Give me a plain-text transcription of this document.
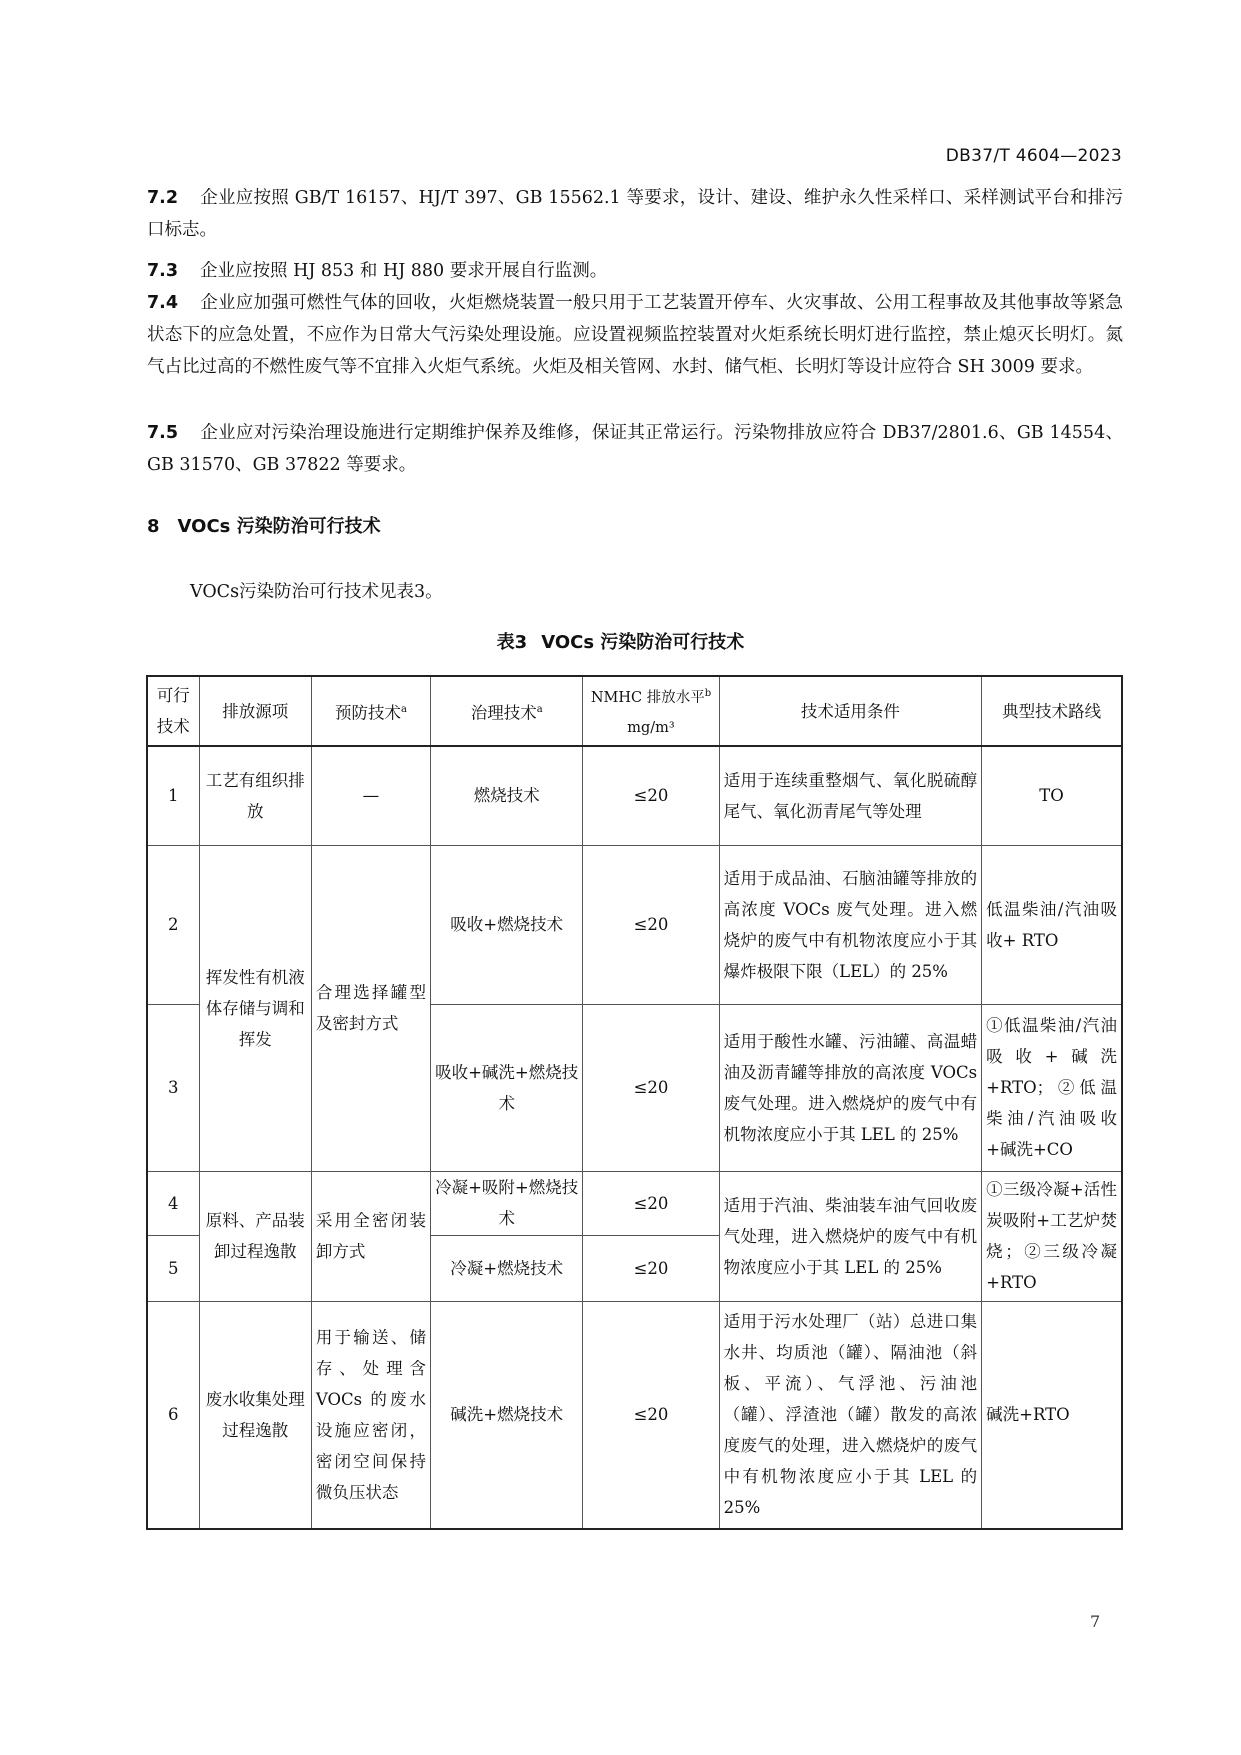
DB37/T 4604—2023
7.2 企业应按照 GB/T 16157、HJ/T 397、GB 15562.1 等要求，设计、建设、维护永久性采样口、采样测试平台和排污口标志。
7.3 企业应按照 HJ 853 和 HJ 880 要求开展自行监测。
7.4 企业应加强可燃性气体的回收，火炬燃烧装置一般只用于工艺装置开停车、火灾事故、公用工程事故及其他事故等紧急状态下的应急处置，不应作为日常大气污染处理设施。应设置视频监控装置对火炬系统长明灯进行监控，禁止熄灭长明灯。氮气占比过高的不燃性废气等不宜排入火炬气系统。火炬及相关管网、水封、储气柜、长明灯等设计应符合 SH 3009 要求。
7.5 企业应对污染治理设施进行定期维护保养及维修，保证其正常运行。污染物排放应符合 DB37/2801.6、GB 14554、GB 31570、GB 37822 等要求。
8 VOCs 污染防治可行技术
VOCs污染防治可行技术见表3。
表3 VOCs 污染防治可行技术
可行技术	排放源项	预防技术$^a$	治理技术$^a$	NMHC 排放水平$^b$
mg/m³	技术适用条件	典型技术路线
1	工艺有组织排放	—	燃烧技术	≤20	适用于连续重整烟气、氧化脱硫醇尾气、氧化沥青尾气等处理	TO
2	挥发性有机液体存储与调和挥发	合理选择罐型及密封方式	吸收+燃烧技术	≤20	适用于成品油、石脑油罐等排放的高浓度 VOCs 废气处理。进入燃烧炉的废气中有机物浓度应小于其爆炸极限下限（LEL）的 25%	低温柴油/汽油吸收+ RTO
3			吸收+碱洗+燃烧技术	≤20	适用于酸性水罐、污油罐、高温蜡油及沥青罐等排放的高浓度 VOCs 废气处理。进入燃烧炉的废气中有机物浓度应小于其 LEL 的 25%	①低温柴油/汽油吸收+碱洗+RTO；②低温柴油/汽油吸收+碱洗+CO
4	原料、产品装卸过程逸散	采用全密闭装卸方式	冷凝+吸附+燃烧技术	≤20	适用于汽油、柴油装车油气回收废气处理，进入燃烧炉的废气中有机物浓度应小于其 LEL 的 25%	①三级冷凝+活性炭吸附+工艺炉焚烧；②三级冷凝+RTO
5			冷凝+燃烧技术	≤20		
6	废水收集处理过程逸散	用于输送、储存、处理含 VOCs 的废水设施应密闭，密闭空间保持微负压状态	碱洗+燃烧技术	≤20	适用于污水处理厂（站）总进口集水井、均质池（罐）、隔油池（斜板、平流）、气浮池、污油池（罐）、浮渣池（罐）散发的高浓度废气的处理，进入燃烧炉的废气中有机物浓度应小于其 LEL 的 25%	碱洗+RTO
7
